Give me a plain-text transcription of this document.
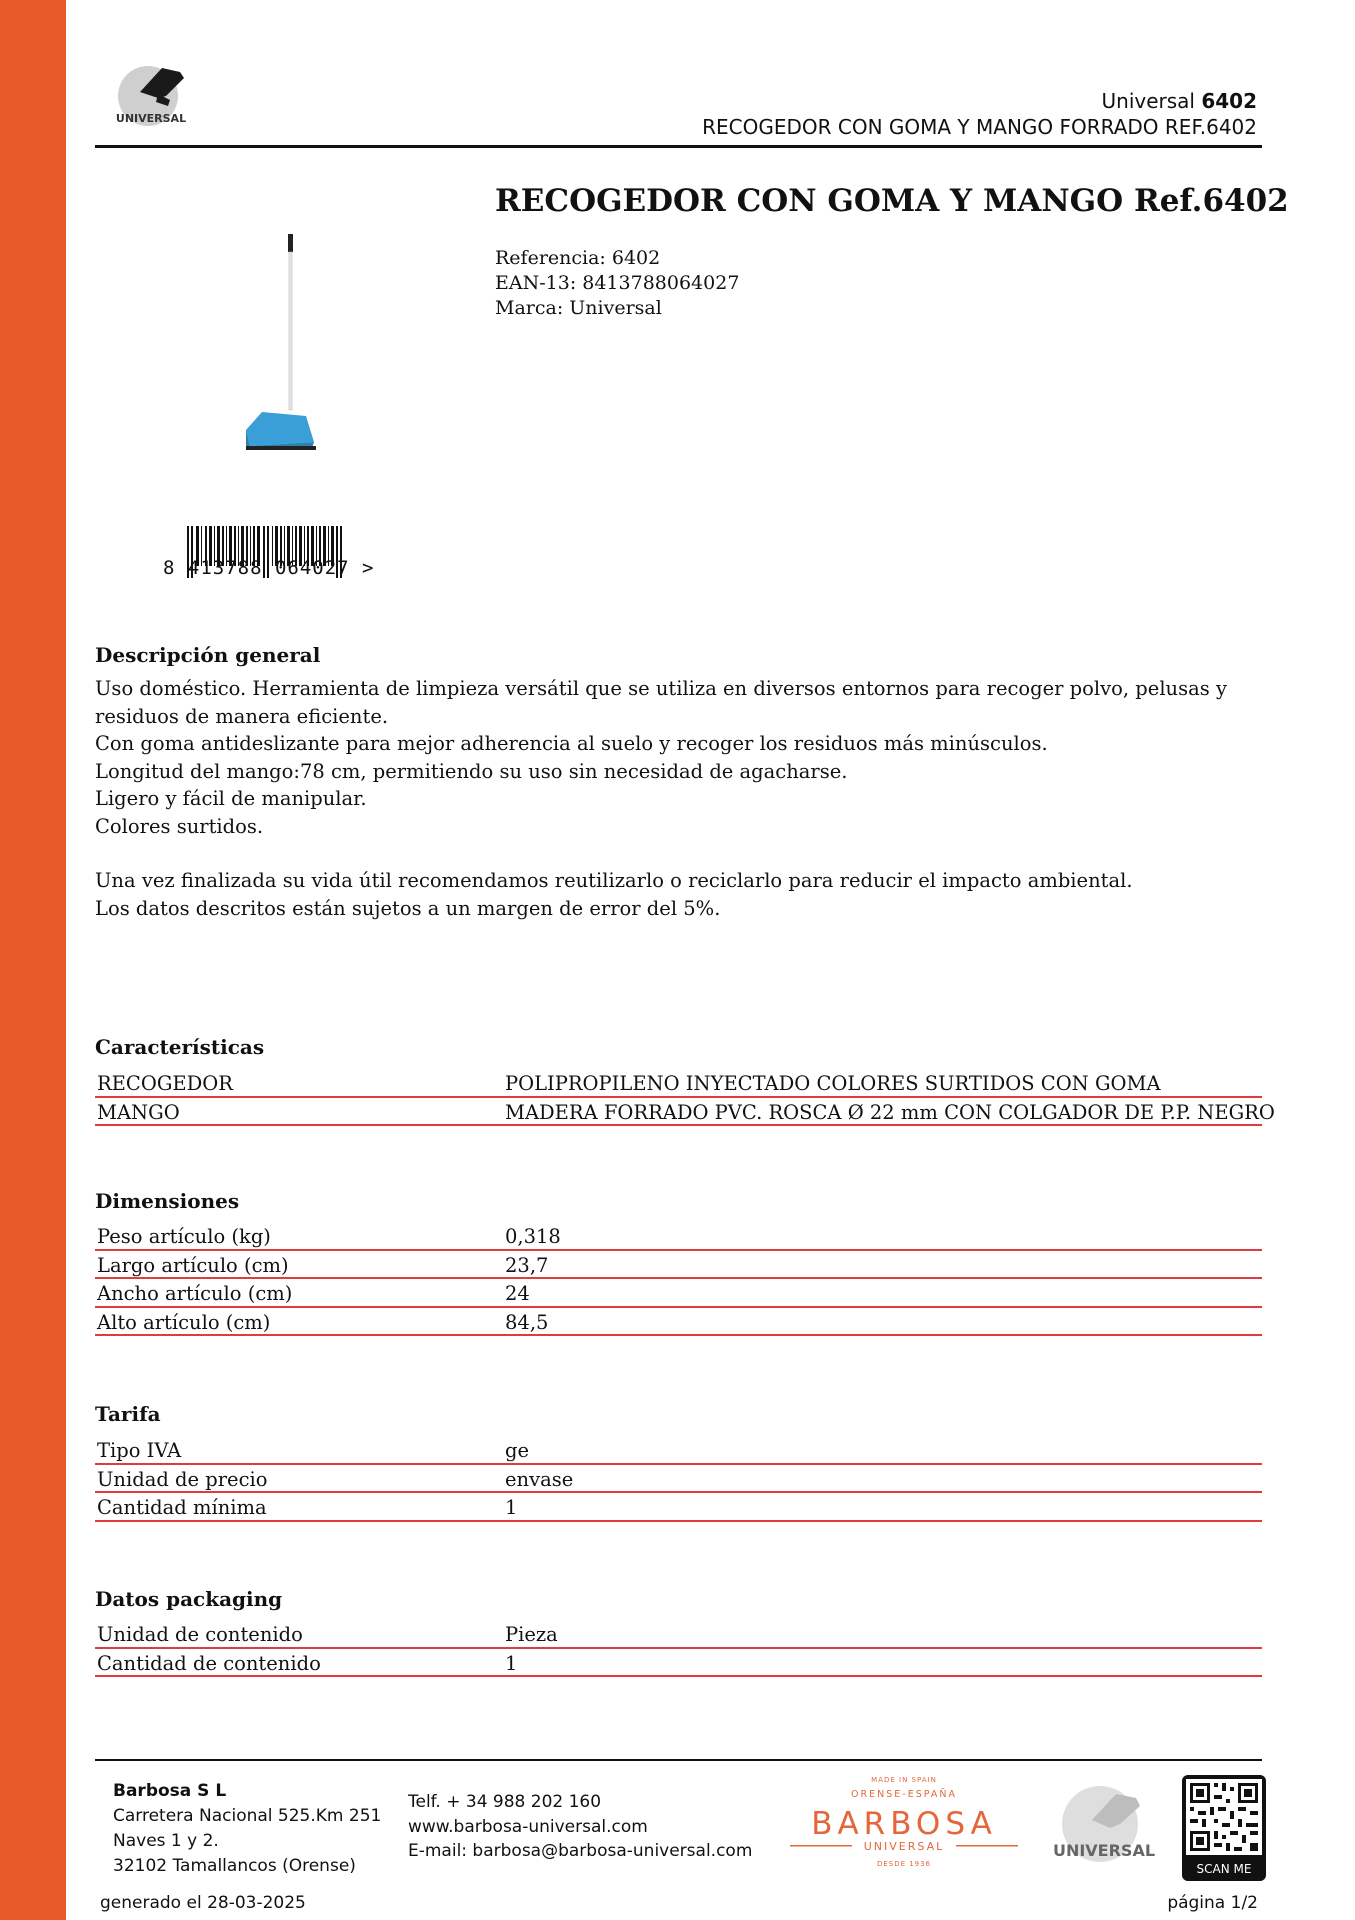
UNIVERSAL
Universal 6402
RECOGEDOR CON GOMA Y MANGO FORRADO REF.6402
8 413788 064027 >
RECOGEDOR CON GOMA Y MANGO Ref.6402
Referencia: 6402
EAN-13: 8413788064027
Marca: Universal
Descripción general

Uso doméstico. Herramienta de limpieza versátil que se utiliza en diversos entornos para recoger polvo, pelusas y residuos de manera eficiente.

Con goma antideslizante para mejor adherencia al suelo y recoger los residuos más minúsculos.

Longitud del mango:78 cm, permitiendo su uso sin necesidad de agacharse.

Ligero y fácil de manipular.

Colores surtidos.

Una vez finalizada su vida útil recomendamos reutilizarlo o reciclarlo para reducir el impacto ambiental.

Los datos descritos están sujetos a un margen de error del 5%.

Características
RECOGEDOR	POLIPROPILENO INYECTADO COLORES SURTIDOS CON GOMA
MANGO	MADERA FORRADO PVC. ROSCA Ø 22 mm CON COLGADOR DE P.P. NEGRO
Dimensiones
Peso artículo (kg)	0,318
Largo artículo (cm)	23,7
Ancho artículo (cm)	24
Alto artículo (cm)	84,5
Tarifa
Tipo IVA	ge
Unidad de precio	envase
Cantidad mínima	1
Datos packaging
Unidad de contenido	Pieza
Cantidad de contenido	1
Barbosa S L
Carretera Nacional 525.Km 251
Naves 1 y 2.
32102 Tamallancos (Orense)
Telf. + 34 988 202 160
www.barbosa-universal.com
E-mail: barbosa@barbosa-universal.com
MADE IN SPAIN
ORENSE-ESPAÑA
BARBOSA
UNIVERSAL
DESDE 1936
UNIVERSAL
SCAN ME
generado el 28-03-2025	página 1/2
